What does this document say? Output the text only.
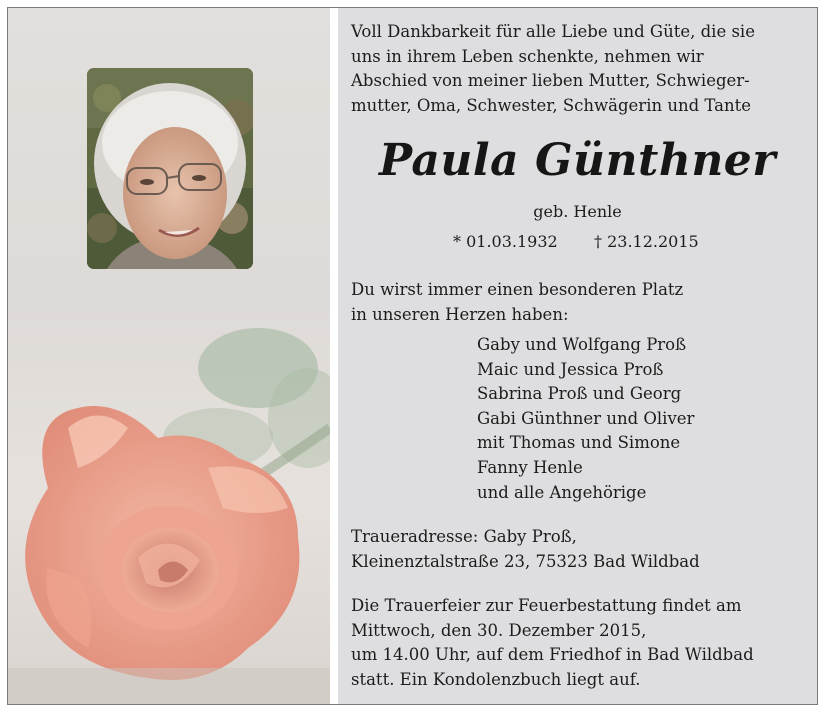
Voll Dankbarkeit für alle Liebe und Güte, die sie
uns in ihrem Leben schenkte, nehmen wir
Abschied von meiner lieben Mutter, Schwieger-
mutter, Oma, Schwester, Schwägerin und Tante

Paula Günthner

geb. Henle

* 01.03.1932 † 23.12.2015

Du wirst immer einen besonderen Platz
in unseren Herzen haben:

Gaby und Wolfgang Proß
Maic und Jessica Proß
Sabrina Proß und Georg
Gabi Günthner und Oliver
mit Thomas und Simone
Fanny Henle
und alle Angehörige

Traueradresse: Gaby Proß,
Kleinenztalstraße 23, 75323 Bad Wildbad

Die Trauerfeier zur Feuerbestattung findet am
Mittwoch, den 30. Dezember 2015,
um 14.00 Uhr, auf dem Friedhof in Bad Wildbad
statt. Ein Kondolenzbuch liegt auf.
